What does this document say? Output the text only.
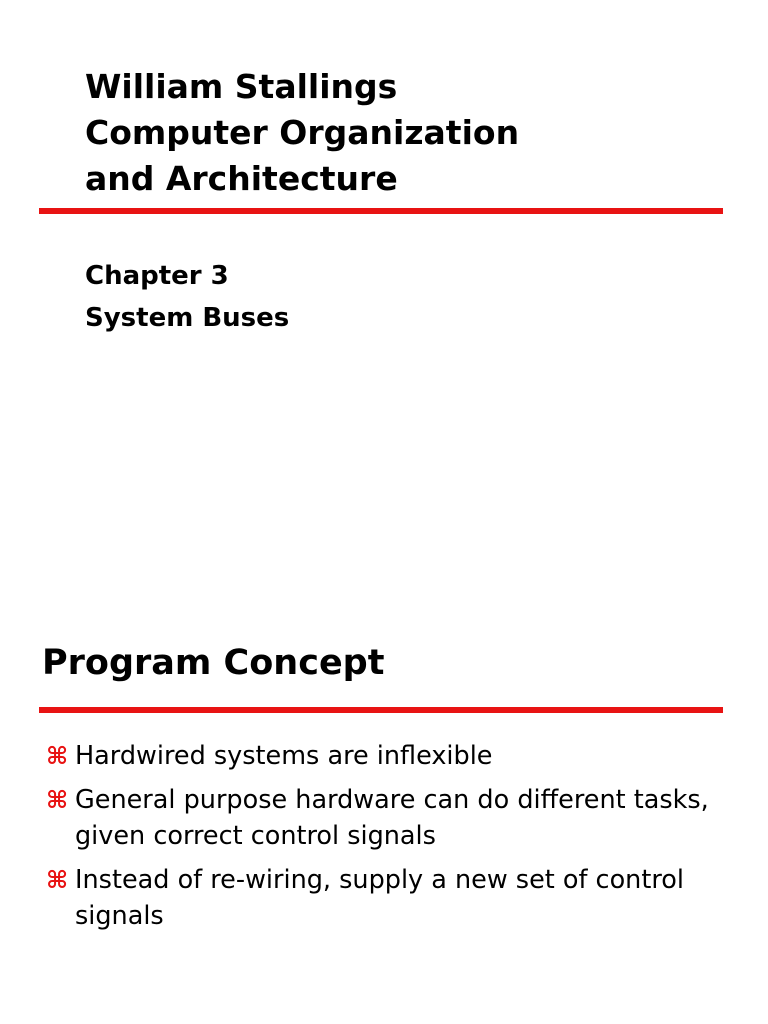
William Stallings
Computer Organization
and Architecture
Chapter 3
System Buses
Program Concept
⌘ Hardwired systems are inflexible
⌘ General purpose hardware can do different tasks, given correct control signals
⌘ Instead of re-wiring, supply a new set of control signals
